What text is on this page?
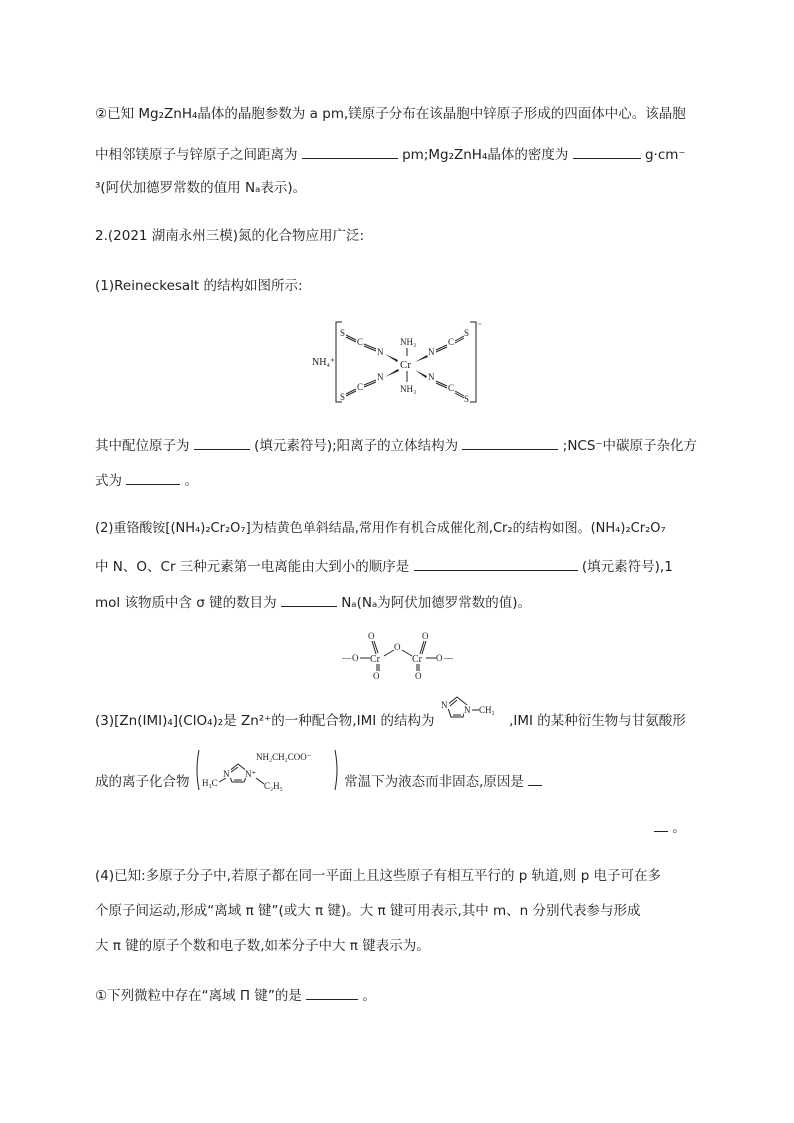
②已知 Mg₂ZnH₄晶体的晶胞参数为 a pm,镁原子分布在该晶胞中锌原子形成的四面体中心。该晶胞
中相邻镁原子与锌原子之间距离为	pm;Mg₂ZnH₄晶体的密度为	g·cm⁻
³(阿伏加德罗常数的值用 Nₐ表示)。
2.(2021 湖南永州三模)氮的化合物应用广泛:
(1)Reineckesalt 的结构如图所示:
NH₄⁺
⁻
Cr
NH₃
NH₃
S
C
N
S
C
N
N
C
S
N
C
S
其中配位原子为	(填元素符号);阳离子的立体结构为	;NCS⁻中碳原子杂化方
式为	。
(2)重铬酸铵[(NH₄)₂Cr₂O₇]为桔黄色单斜结晶,常用作有机合成催化剂,Cr₂的结构如图。(NH₄)₂Cr₂O₇
中 N、O、Cr 三种元素第一电离能由大到小的顺序是	(填元素符号),1
mol 该物质中含 σ 键的数目为	Nₐ(Nₐ为阿伏加德罗常数的值)。
— O Cr
O
O
O
Cr
O
O
O —
(3)[Zn(IMI)₄](ClO₄)₂是 Zn²⁺的一种配合物,IMI 的结构为
N N CH₃
,IMI 的某种衍生物与甘氨酸形
成的离子化合物 H₃C
N N⁺
C₂H₅
NH₂CH₂COO⁻
常温下为液态而非固态,原因是
。
(4)已知:多原子分子中,若原子都在同一平面上且这些原子有相互平行的 p 轨道,则 p 电子可在多
个原子间运动,形成“离域 π 键”(或大 π 键)。大 π 键可用表示,其中 m、n 分别代表参与形成
大 π 键的原子个数和电子数,如苯分子中大 π 键表示为。
①下列微粒中存在“离域 Π 键”的是	。
